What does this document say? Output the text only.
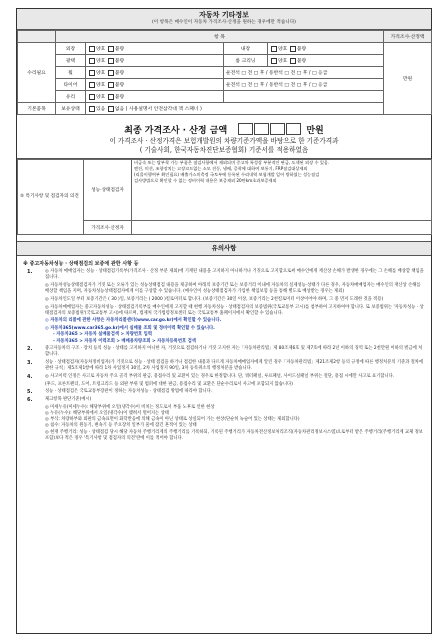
자동차 기타정보
(이 항목은 매수인이 자동차 가격조사·산정을 원하는 경우에만 적습니다)
	항 목				가격조사·산정액
수리필요	외장	양호 불량	내장	양호 불량	만원
	광택	양호 불량	룸 크리닝	양호 불량	
	휠	양호 불량	운전석 □ 전 □ 후 / 동반석 □ 전 □ 후 / □ 응급		
	타이어	양호 불량	운전석 □ 전 □ 후 / 동반석 □ 전 □ 후 / □ 응급		
	유리	양호 불량			
기본품목	보유상태	있음 없음 ( 사용설명서 안전삼각대 잭 스패너 )			
최종 가격조사 · 산정 금액	만원
이 가격조사 · 산정가격은 보험개발원의 차량기준가액을 바탕으로 한 기준가격과
( 기술사회, 한국자동차진단보증협회) 기준서를 적용하였음
⑤ 특기사항 및 점검자의 의견	성능·상태점검자	비금속 또는 탈부착 가능 부품은 점검사항에서 제외되며 중고차 특성상 부분적인 판금, 도색된 외장 수 있음.
엔진, 미션, 조향장치는 고장코드없는 소모 진동, 냉배, 증착에 대하여 보통기, FRP점검대상제외
(리콜이행여부 확인필요) 배출가스미측정 국토부에 등록된 수리내역 보험개발 일어 방하였는 성능점검
검사방법으로 확인할 수 없는 정비이력 내용은 보증제외 20만km초과보증제외

	가격조사·산정자	
유의사항
※ 중고자동차성능 · 상태점검의 보증에 관한 사항 등
1.	◎ 자동차 매매업자는 성능 · 상태점검기록부(가격조사 · 산정 부분 제외)에 기재된 내용을 고지하지 아니하거나 거짓으로 고지함으로써 매수인에게 재산상 손해가 발생한 경우에는 그 손해를 배상할 책임을 집니다.

◎ 자동차성능상태점검자가 거짓 또는 오류가 있는 성능상태점검 내용을 제공하여 아래의 보증기간 또는 보증거리 이내에 자동차의 실제성능·상태가 다른 경우, 자동차매매업자는 매수인의 재산상 손해를 배상할 책임을 지며, 자동차성능상태점검자에게 이를 구상할 수 있습니다. (매수인이 성능상태점검자가 가입한 책임보험 등을 통해 별도로 배상받는 경우는 제외)

◎ 자동차인도일 부터 보증기간은 ( 30 )일, 보증거리는 ( 2000 )킬로미터로 합니다. (보증기간은 30일 이상, 보증거리는 2천킬로미터 이상이어야 하며, 그 중 먼저 도래한 것을 적용)

◎ 자동차매매업자는 중고자동차성능 · 상태점검기록부를 매수인에게 고지할 때 현행 자동차성능 · 상태점검자의 보증범위(국토교통부 고시)를 첨부하여 고지하여야 합니다. 또 보증범위는 '자동차성능 · 상태점검자의 보증범위'(국토교통부 고시)에 따르며, 법제처 국가법령정보센터 또는 국토교통부 홈페이지에서 확인할 수 있습니다.

◎ 자동차의 리콜에 관한 사항은 자동차리콜센터(www.car.go.kr)에서 확인할 수 있습니다.

◎ 자동차365(www.car365.go.kr)에서 실매물 조회 및 정비이력 확인할 수 있습니다.

- 자동차365 > 자동차 실매물검색 > 차량번호 입력

- 자동차365 > 자동차 이력조회 > 매매용차량조회 > 자동차등록번호 검색

2.	중고자동차의 구조 · 장치 등의 성능 · 상태를 고지하지 아니한 자, 거짓으로 점검하거나 거짓 고지한 자는「자동차관리법」제 80조제6호 및 제7호에 따라 2년 이하의 징역 또는 2천만원 이하의 벌금에 처합니다.

3.	성능 · 상태점검자(자동차정비업자)가 거짓으로 성능 · 상태 점검을 하거나 점검한 내용과 다르게 자동차매매업자에게 알린 경우「자동차관리법」제21조제2항 등의 규정에 따른 행정처분의 기준과 절차에 관한 규칙」제5조제1항에 따라 1차 사업정지 30일, 2차 사업정지 90일, 3차 등록취소의 행정처분을 받습니다.

4.	◎ 사고이력 인정은 사고로 자동차 주요 골격 부위의 판금, 용접수리 및 교환이 있는 경우로 한정합니다. 단, 쿼터패널, 루프패널, 사이드실패널 부위는 절단, 용접 시에만 사고로 표기합니다.

(후드, 프론트펜더, 도어, 트렁크리드 등 외판 부위 및 범퍼에 대한 판금, 용접수리 및 교환은 단순수리로서 사고에 포함되지 않습니다)

5.	성능 · 상태점검은 국토교통부장관이 정하는 자동차성능 · 상태점검 방법에 따라야 합니다.

6.	체크항목 판단기준(예시)

◎ 미세누유(미세누수): 해당부위에 오일(냉각수)이 비치는 정도로서 부품 노후로 인한 현상

◎ 누유(누수): 해당부위에서 오일(냉각수)이 맺혀서 떨어지는 상태

◎ 부식: 차량하부와 외판의 금속표면이 화학반응에 의해 금속이 아닌 상태로 상실되어 가는 현상(단순히 녹슬어 있는 상태는 제외합니다)

◎ 침수: 자동차의 원동기, 변속기 등 주요장치 일부가 물에 잠긴 흔적이 있는 상태

◎ 현재 주행거리: 성능 · 상태점검 당시 해당 자동차 주행거리계의 주행거리를 기록하되, 기록된 주행거리가 자동차전산정보처리조직(자동차관리정보시스템)으로부터 받은 주행거리(주행거리계 교체 정보 포함)보다 적은 경우 '특기사항 및 점검자의 의견'란에 이를 적어야 합니다.
